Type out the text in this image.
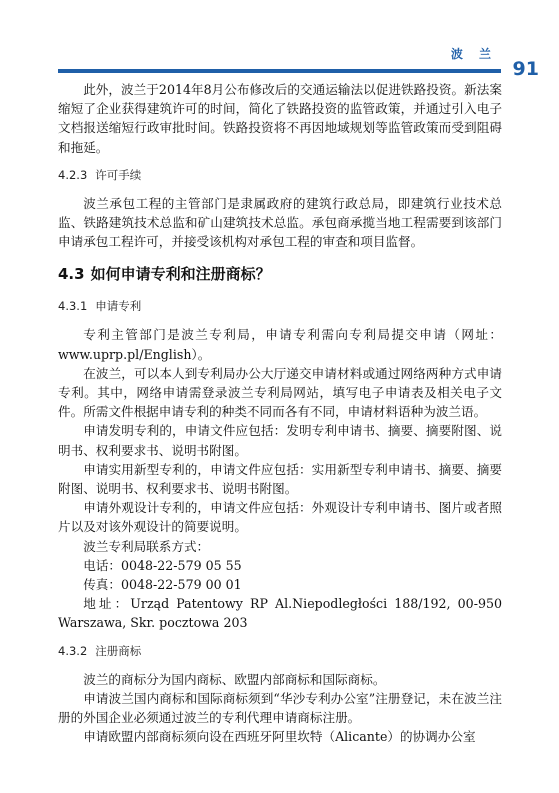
波 兰
91

此外，波兰于2014年8月公布修改后的交通运输法以促进铁路投资。新法案缩短了企业获得建筑许可的时间，简化了铁路投资的监管政策，并通过引入电子文档报送缩短行政审批时间。铁路投资将不再因地域规划等监管政策而受到阻碍和拖延。

4.2.3 许可手续

波兰承包工程的主管部门是隶属政府的建筑行政总局，即建筑行业技术总监、铁路建筑技术总监和矿山建筑技术总监。承包商承揽当地工程需要到该部门申请承包工程许可，并接受该机构对承包工程的审查和项目监督。

4.3 如何申请专利和注册商标？
4.3.1 申请专利

专利主管部门是波兰专利局，申请专利需向专利局提交申请（网址：www.uprp.pl/English）。

在波兰，可以本人到专利局办公大厅递交申请材料或通过网络两种方式申请专利。其中，网络申请需登录波兰专利局网站，填写电子申请表及相关电子文件。所需文件根据申请专利的种类不同而各有不同，申请材料语种为波兰语。

申请发明专利的，申请文件应包括：发明专利申请书、摘要、摘要附图、说明书、权利要求书、说明书附图。

申请实用新型专利的，申请文件应包括：实用新型专利申请书、摘要、摘要附图、说明书、权利要求书、说明书附图。

申请外观设计专利的，申请文件应包括：外观设计专利申请书、图片或者照片以及对该外观设计的简要说明。

波兰专利局联系方式：

电话：0048-22-579 05 55

传真：0048-22-579 00 01

地址：Urząd Patentowy RP Al.Niepodległości 188/192, 00-950 Warszawa, Skr. pocztowa 203

4.3.2 注册商标

波兰的商标分为国内商标、欧盟内部商标和国际商标。

申请波兰国内商标和国际商标须到“华沙专利办公室”注册登记，未在波兰注册的外国企业必须通过波兰的专利代理申请商标注册。

申请欧盟内部商标须向设在西班牙阿里坎特（Alicante）的协调办公室
